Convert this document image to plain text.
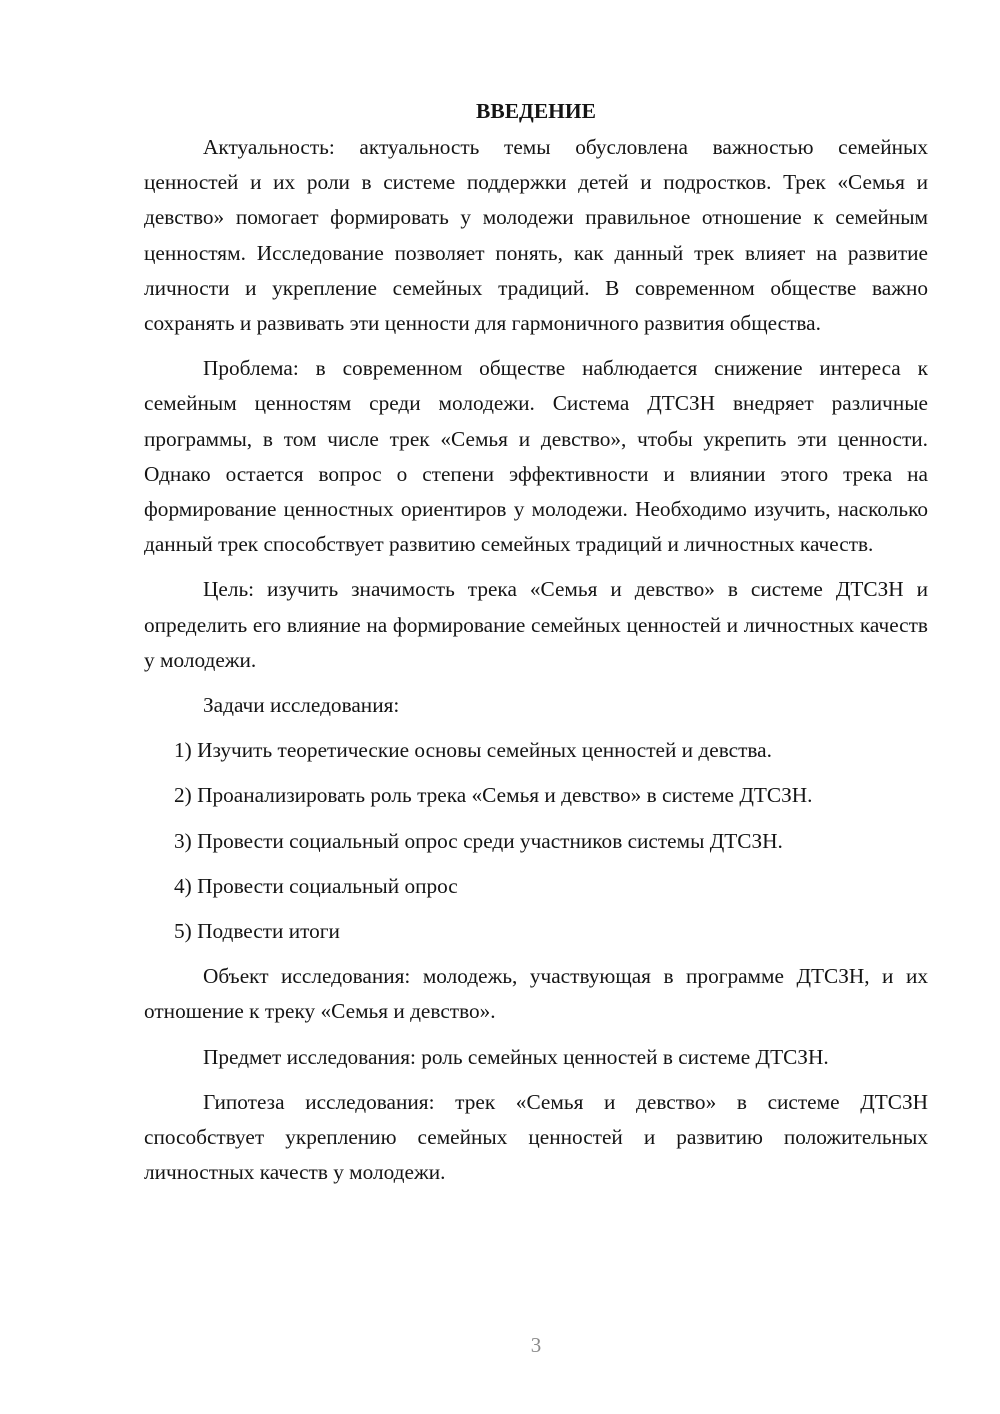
ВВЕДЕНИЕ

Актуальность: актуальность темы обусловлена важностью семейных ценностей и их роли в системе поддержки детей и подростков. Трек «Семья и девство» помогает формировать у молодежи правильное отношение к семейным ценностям. Исследование позволяет понять, как данный трек влияет на развитие личности и укрепление семейных традиций. В современном обществе важно сохранять и развивать эти ценности для гармоничного развития общества.

Проблема: в современном обществе наблюдается снижение интереса к семейным ценностям среди молодежи. Система ДТСЗН внедряет различные программы, в том числе трек «Семья и девство», чтобы укрепить эти ценности. Однако остается вопрос о степени эффективности и влиянии этого трека на формирование ценностных ориентиров у молодежи. Необходимо изучить, насколько данный трек способствует развитию семейных традиций и личностных качеств.

Цель: изучить значимость трека «Семья и девство» в системе ДТСЗН и определить его влияние на формирование семейных ценностей и личностных качеств у молодежи.

Задачи исследования:

1) Изучить теоретические основы семейных ценностей и девства.

2) Проанализировать роль трека «Семья и девство» в системе ДТСЗН.

3) Провести социальный опрос среди участников системы ДТСЗН.

4) Провести социальный опрос

5) Подвести итоги

Объект исследования: молодежь, участвующая в программе ДТСЗН, и их отношение к треку «Семья и девство».

Предмет исследования: роль семейных ценностей в системе ДТСЗН.

Гипотеза исследования: трек «Семья и девство» в системе ДТСЗН способствует укреплению семейных ценностей и развитию положительных личностных качеств у молодежи.

3
